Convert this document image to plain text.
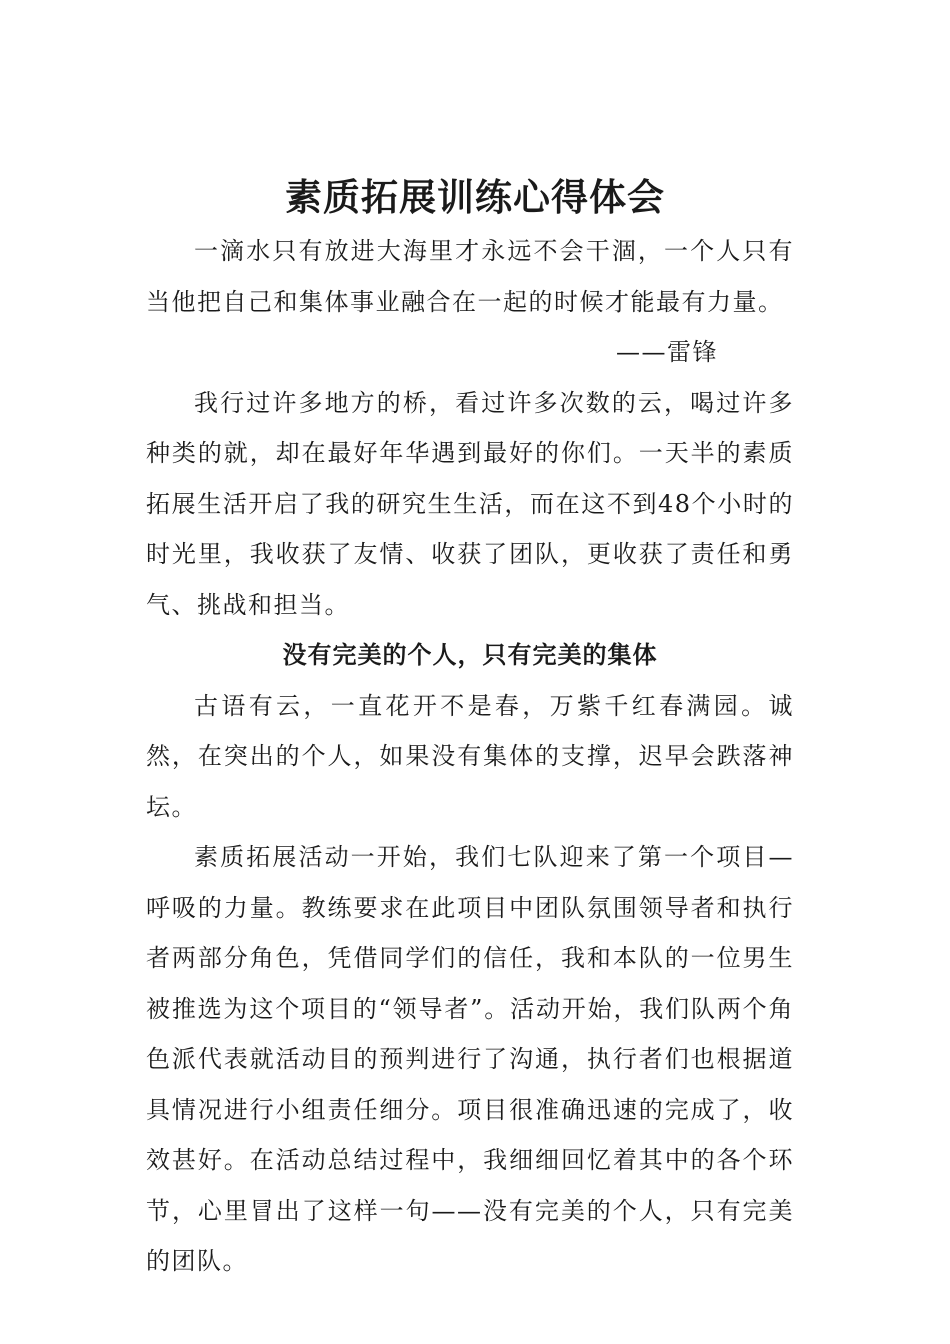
素质拓展训练心得体会

一滴水只有放进大海里才永远不会干涸，一个人只有当他把自己和集体事业融合在一起的时候才能最有力量。

——雷锋

我行过许多地方的桥，看过许多次数的云，喝过许多种类的就，却在最好年华遇到最好的你们。一天半的素质拓展生活开启了我的研究生生活，而在这不到48个小时的时光里，我收获了友情、收获了团队，更收获了责任和勇气、挑战和担当。

没有完美的个人，只有完美的集体

古语有云，一直花开不是春，万紫千红春满园。诚然，在突出的个人，如果没有集体的支撑，迟早会跌落神坛。

素质拓展活动一开始，我们七队迎来了第一个项目—呼吸的力量。教练要求在此项目中团队氛围领导者和执行者两部分角色，凭借同学们的信任，我和本队的一位男生被推选为这个项目的“领导者”。活动开始，我们队两个角色派代表就活动目的预判进行了沟通，执行者们也根据道具情况进行小组责任细分。项目很准确迅速的完成了，收效甚好。在活动总结过程中，我细细回忆着其中的各个环节，心里冒出了这样一句——没有完美的个人，只有完美的团队。
